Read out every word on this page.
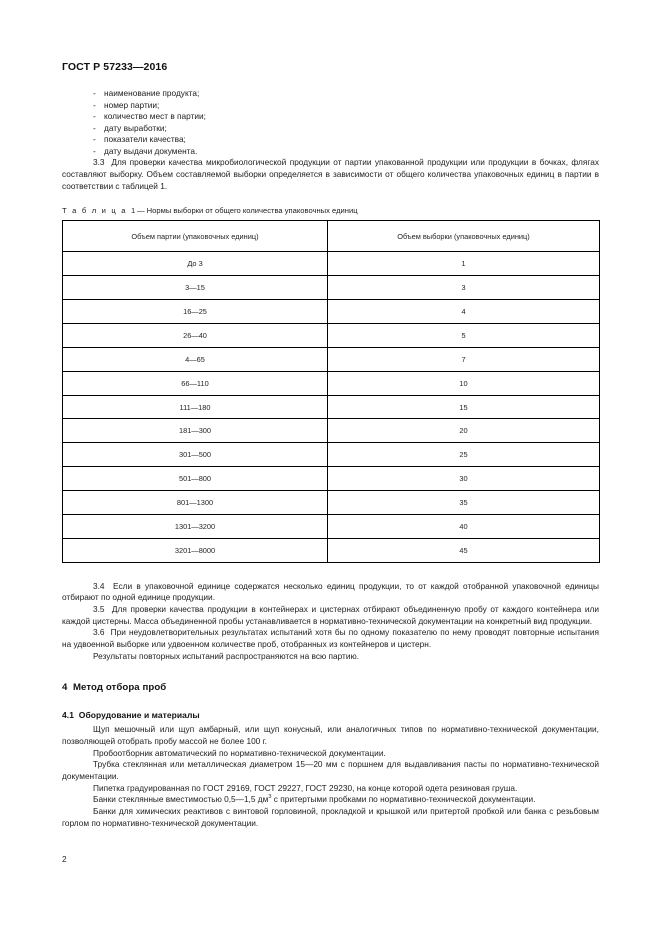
ГОСТ Р 57233—2016
- наименование продукта;
- номер партии;
- количество мест в партии;
- дату выработки;
- показатели качества;
- дату выдачи документа.

3.3 Для проверки качества микробиологической продукции от партии упакованной продукции или продукции в бочках, флягах составляют выборку. Объем составляемой выборки определяется в зависимости от общего количества упаковочных единиц в партии в соответствии с таблицей 1.

Т а б л и ц а 1— Нормы выборки от общего количества упаковочных единиц
Объем партии (упаковочных единиц)	Объем выборки (упаковочных единиц)
До 3	1
3—15	3
16—25	4
26—40	5
4—65	7
66—110	10
111—180	15
181—300	20
301—500	25
501—800	30
801—1300	35
1301—3200	40
3201—8000	45

3.4 Если в упаковочной единице содержатся несколько единиц продукции, то от каждой отобранной упаковочной единицы отбирают по одной единице продукции.

3.5 Для проверки качества продукции в контейнерах и цистернах отбирают объединенную пробу от каждого контейнера или каждой цистерны. Масса объединенной пробы устанавливается в нормативно-технической документации на конкретный вид продукции.

3.6 При неудовлетворительных результатах испытаний хотя бы по одному показателю по нему проводят повторные испытания на удвоенной выборке или удвоенном количестве проб, отобранных из контейнеров и цистерн.

Результаты повторных испытаний распространяются на всю партию.

4 Метод отбора проб
4.1 Оборудование и материалы

Щуп мешочный или щуп амбарный, или щуп конусный, или аналогичных типов по нормативно-технической документации, позволяющей отобрать пробу массой не более 100 г.

Пробоотборник автоматический по нормативно-технической документации.

Трубка стеклянная или металлическая диаметром 15—20 мм с поршнем для выдавливания пасты по нормативно-технической документации.

Пипетка градуированная по ГОСТ 29169, ГОСТ 29227, ГОСТ 29230, на конце которой одета резиновая груша.

Банки стеклянные вместимостью 0,5—1,5 $дм^3$ с притертыми пробками по нормативно-технической документации.

Банки для химических реактивов с винтовой горловиной, прокладкой и крышкой или притертой пробкой или банка с резьбовым горлом по нормативно-технической документации.

2
